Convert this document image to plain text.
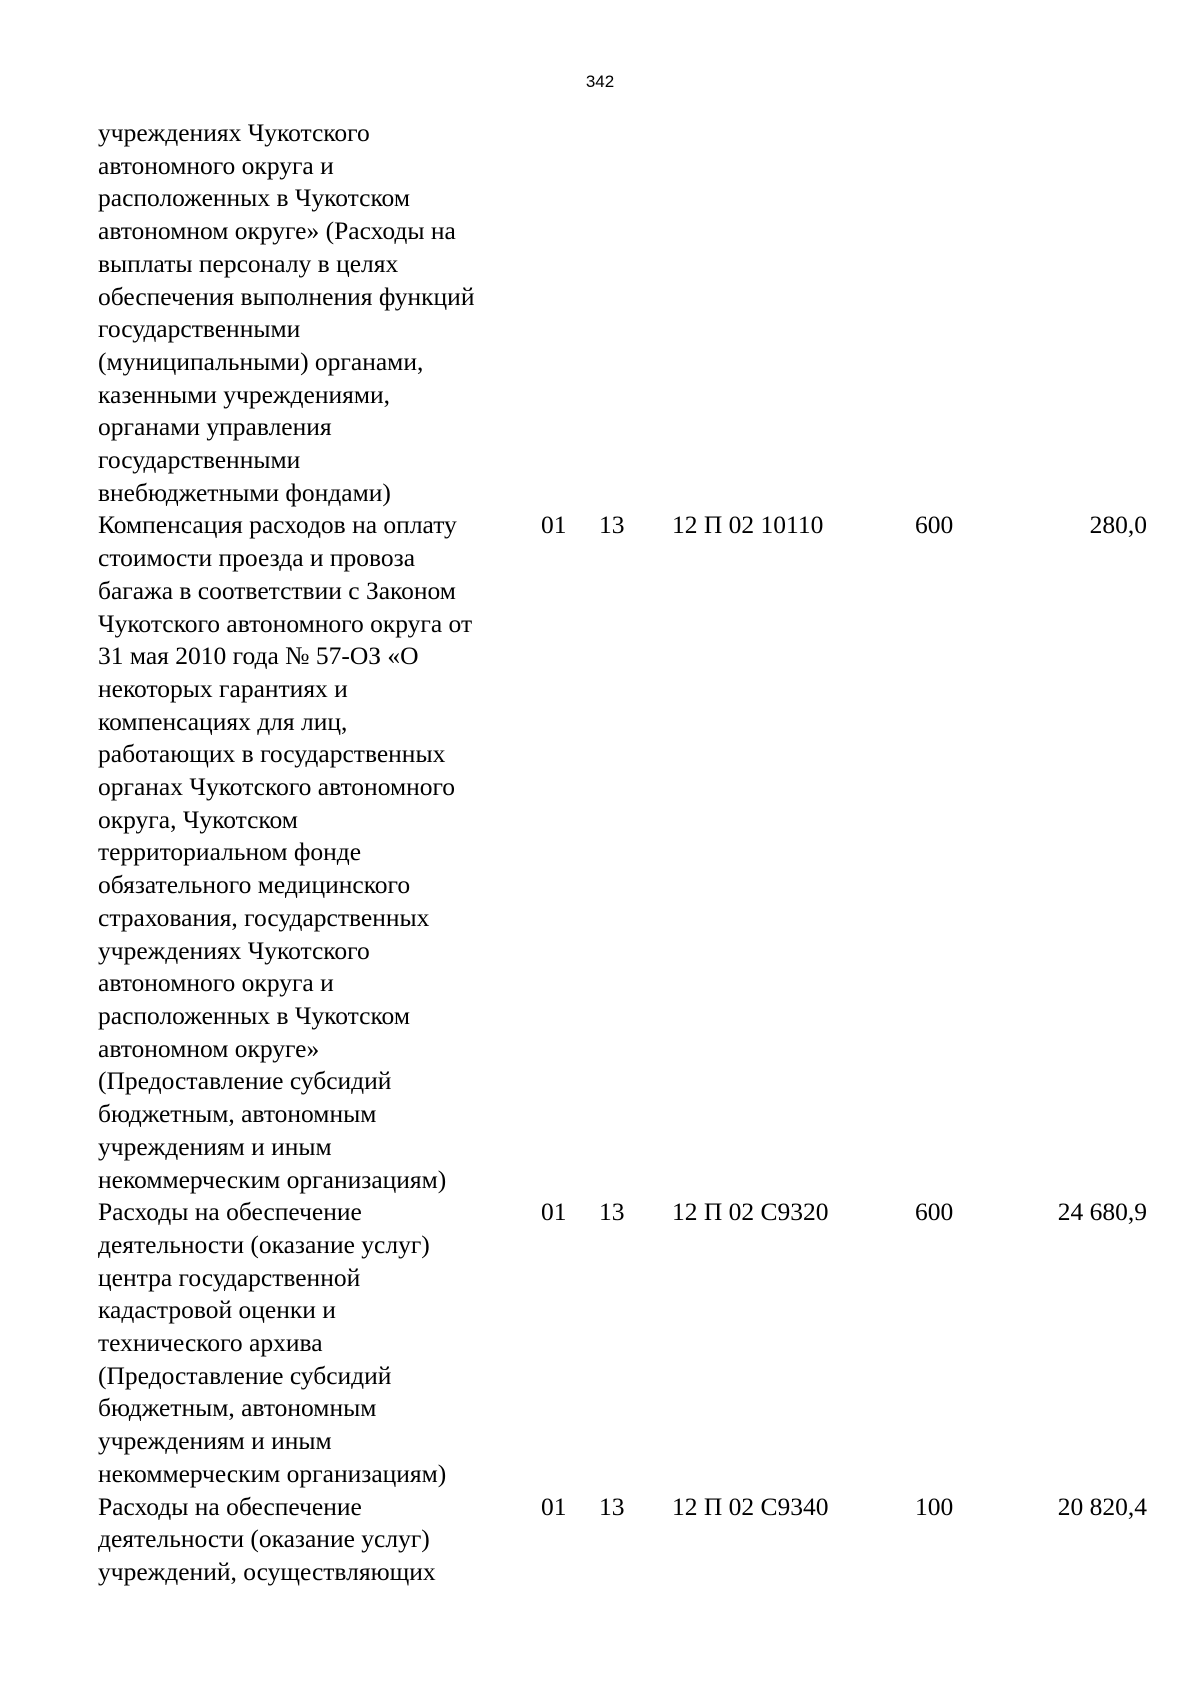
342
учреждениях Чукотского
автономного округа и
расположенных в Чукотском
автономном округе» (Расходы на
выплаты персоналу в целях
обеспечения выполнения функций
государственными
(муниципальными) органами,
казенными учреждениями,
органами управления
государственными
внебюджетными фондами)
Компенсация расходов на оплату
стоимости проезда и провоза
багажа в соответствии с Законом
Чукотского автономного округа от
31 мая 2010 года № 57-ОЗ «О
некоторых гарантиях и
компенсациях для лиц,
работающих в государственных
органах Чукотского автономного
округа, Чукотском
территориальном фонде
обязательного медицинского
страхования, государственных
учреждениях Чукотского
автономного округа и
расположенных в Чукотском
автономном округе»
(Предоставление субсидий
бюджетным, автономным
учреждениям и иным
некоммерческим организациям)
01 13 12 П 02 10110	600	280,0
Расходы на обеспечение
деятельности (оказание услуг)
центра государственной
кадастровой оценки и
технического архива
(Предоставление субсидий
бюджетным, автономным
учреждениям и иным
некоммерческим организациям)
01 13 12 П 02 С9320	600	24 680,9
Расходы на обеспечение
деятельности (оказание услуг)
учреждений, осуществляющих
01 13 12 П 02 С9340	100	20 820,4
